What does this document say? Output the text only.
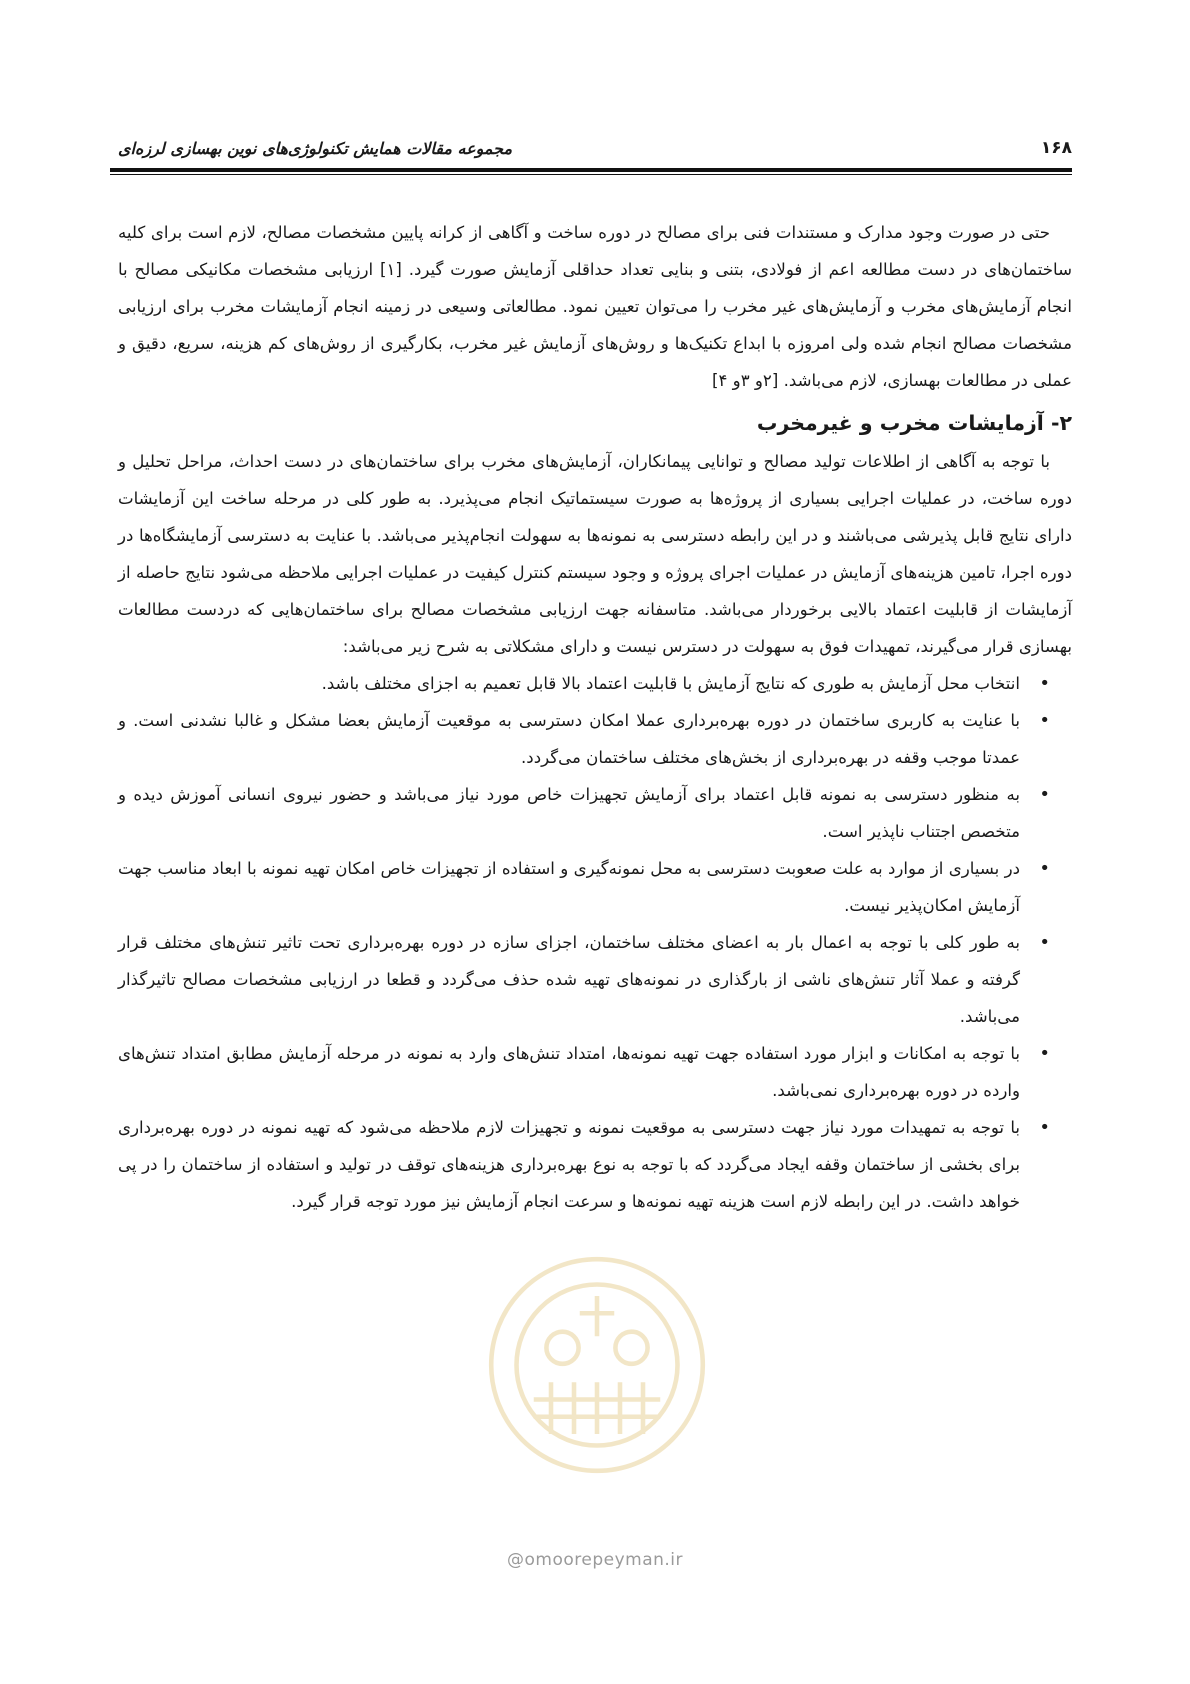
۱۶۸
مجموعه مقالات همایش تکنولوژی‌های نوین بهسازی لرزه‌ای

حتی در صورت وجود مدارک و مستندات فنی برای مصالح در دوره ساخت و آگاهی از کرانه پایین مشخصات مصالح، لازم است برای کلیه ساختمان‌های در دست مطالعه اعم از فولادی، بتنی و بنایی تعداد حداقلی آزمایش صورت گیرد. [۱] ارزیابی مشخصات مکانیکی مصالح با انجام آزمایش‌های مخرب و آزمایش‌های غیر مخرب را می‌توان تعیین نمود. مطالعاتی وسیعی در زمینه انجام آزمایشات مخرب برای ارزیابی مشخصات مصالح انجام شده ولی امروزه با ابداع تکنیک‌ها و روش‌های آزمایش غیر مخرب، بکارگیری از روش‌های کم هزینه، سریع، دقیق و عملی در مطالعات بهسازی، لازم می‌باشد. [۲و ۳و ۴]

۲- آزمایشات مخرب و غیرمخرب

با توجه به آگاهی از اطلاعات تولید مصالح و توانایی پیمانکاران، آزمایش‌های مخرب برای ساختمان‌های در دست احداث، مراحل تحلیل و دوره ساخت، در عملیات اجرایی بسیاری از پروژه‌ها به صورت سیستماتیک انجام می‌پذیرد. به طور کلی در مرحله ساخت این آزمایشات دارای نتایج قابل پذیرشی می‌باشند و در این رابطه دسترسی به نمونه‌ها به سهولت انجام‌پذیر می‌باشد. با عنایت به دسترسی آزمایشگاه‌ها در دوره اجرا، تامین هزینه‌های آزمایش در عملیات اجرای پروژه و وجود سیستم کنترل کیفیت در عملیات اجرایی ملاحظه می‌شود نتایج حاصله از آزمایشات از قابلیت اعتماد بالایی برخوردار می‌باشد. متاسفانه جهت ارزیابی مشخصات مصالح برای ساختمان‌هایی که دردست مطالعات بهسازی قرار می‌گیرند، تمهیدات فوق به سهولت در دسترس نیست و دارای مشکلاتی به شرح زیر می‌باشد:

• انتخاب محل آزمایش به طوری که نتایج آزمایش با قابلیت اعتماد بالا قابل تعمیم به اجزای مختلف باشد.
• با عنایت به کاربری ساختمان در دوره بهره‌برداری عملا امکان دسترسی به موقعیت آزمایش بعضا مشکل و غالبا نشدنی است. و عمدتا موجب وقفه در بهره‌برداری از بخش‌های مختلف ساختمان می‌گردد.
• به منظور دسترسی به نمونه قابل اعتماد برای آزمایش تجهیزات خاص مورد نیاز می‌باشد و حضور نیروی انسانی آموزش دیده و متخصص اجتناب ناپذیر است.
• در بسیاری از موارد به علت صعوبت دسترسی به محل نمونه‌گیری و استفاده از تجهیزات خاص امکان تهیه نمونه با ابعاد مناسب جهت آزمایش امکان‌پذیر نیست.
• به طور کلی با توجه به اعمال بار به اعضای مختلف ساختمان، اجزای سازه در دوره بهره‌برداری تحت تاثیر تنش‌های مختلف قرار گرفته و عملا آثار تنش‌های ناشی از بارگذاری در نمونه‌های تهیه شده حذف می‌گردد و قطعا در ارزیابی مشخصات مصالح تاثیرگذار می‌باشد.
• با توجه به امکانات و ابزار مورد استفاده جهت تهیه نمونه‌ها، امتداد تنش‌های وارد به نمونه در مرحله آزمایش مطابق امتداد تنش‌های وارده در دوره بهره‌برداری نمی‌باشد.
• با توجه به تمهیدات مورد نیاز جهت دسترسی به موقعیت نمونه و تجهیزات لازم ملاحظه می‌شود که تهیه نمونه در دوره بهره‌برداری برای بخشی از ساختمان وقفه ایجاد می‌گردد که با توجه به نوع بهره‌برداری هزینه‌های توقف در تولید و استفاده از ساختمان را در پی خواهد داشت. در این رابطه لازم است هزینه تهیه نمونه‌ها و سرعت انجام آزمایش نیز مورد توجه قرار گیرد.
@omoorepeyman.ir
